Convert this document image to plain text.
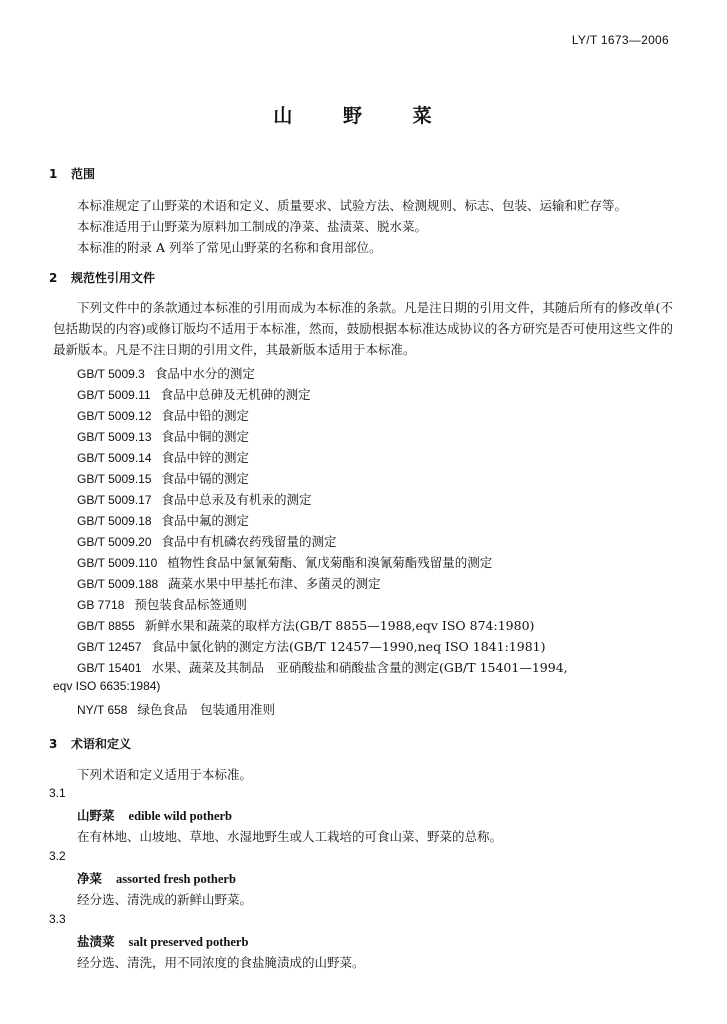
LY/T 1673—2006
山 野 菜
1 范围
本标准规定了山野菜的术语和定义、质量要求、试验方法、检测规则、标志、包装、运输和贮存等。
本标准适用于山野菜为原料加工制成的净菜、盐渍菜、脱水菜。
本标准的附录 A 列举了常见山野菜的名称和食用部位。
2 规范性引用文件
下列文件中的条款通过本标准的引用而成为本标准的条款。凡是注日期的引用文件，其随后所有的修改单(不包括勘误的内容)或修订版均不适用于本标准，然而，鼓励根据本标准达成协议的各方研究是否可使用这些文件的最新版本。凡是不注日期的引用文件，其最新版本适用于本标准。
GB/T 5009.3 食品中水分的测定
GB/T 5009.11 食品中总砷及无机砷的测定
GB/T 5009.12 食品中铅的测定
GB/T 5009.13 食品中铜的测定
GB/T 5009.14 食品中锌的测定
GB/T 5009.15 食品中镉的测定
GB/T 5009.17 食品中总汞及有机汞的测定
GB/T 5009.18 食品中氟的测定
GB/T 5009.20 食品中有机磷农药残留量的测定
GB/T 5009.110 植物性食品中氯氰菊酯、氰戊菊酯和溴氰菊酯残留量的测定
GB/T 5009.188 蔬菜水果中甲基托布津、多菌灵的测定
GB 7718 预包装食品标签通则
GB/T 8855 新鲜水果和蔬菜的取样方法(GB/T 8855—1988,eqv ISO 874:1980)
GB/T 12457 食品中氯化钠的测定方法(GB/T 12457—1990,neq ISO 1841:1981)
GB/T 15401 水果、蔬菜及其制品　亚硝酸盐和硝酸盐含量的测定(GB/T 15401—1994,
eqv ISO 6635:1984)
NY/T 658 绿色食品　包装通用准则
3 术语和定义
下列术语和定义适用于本标准。
3.1
山野菜 edible wild potherb
在有林地、山坡地、草地、水湿地野生或人工栽培的可食山菜、野菜的总称。
3.2
净菜 assorted fresh potherb
经分选、清洗成的新鲜山野菜。
3.3
盐渍菜 salt preserved potherb
经分选、清洗，用不同浓度的食盐腌渍成的山野菜。
